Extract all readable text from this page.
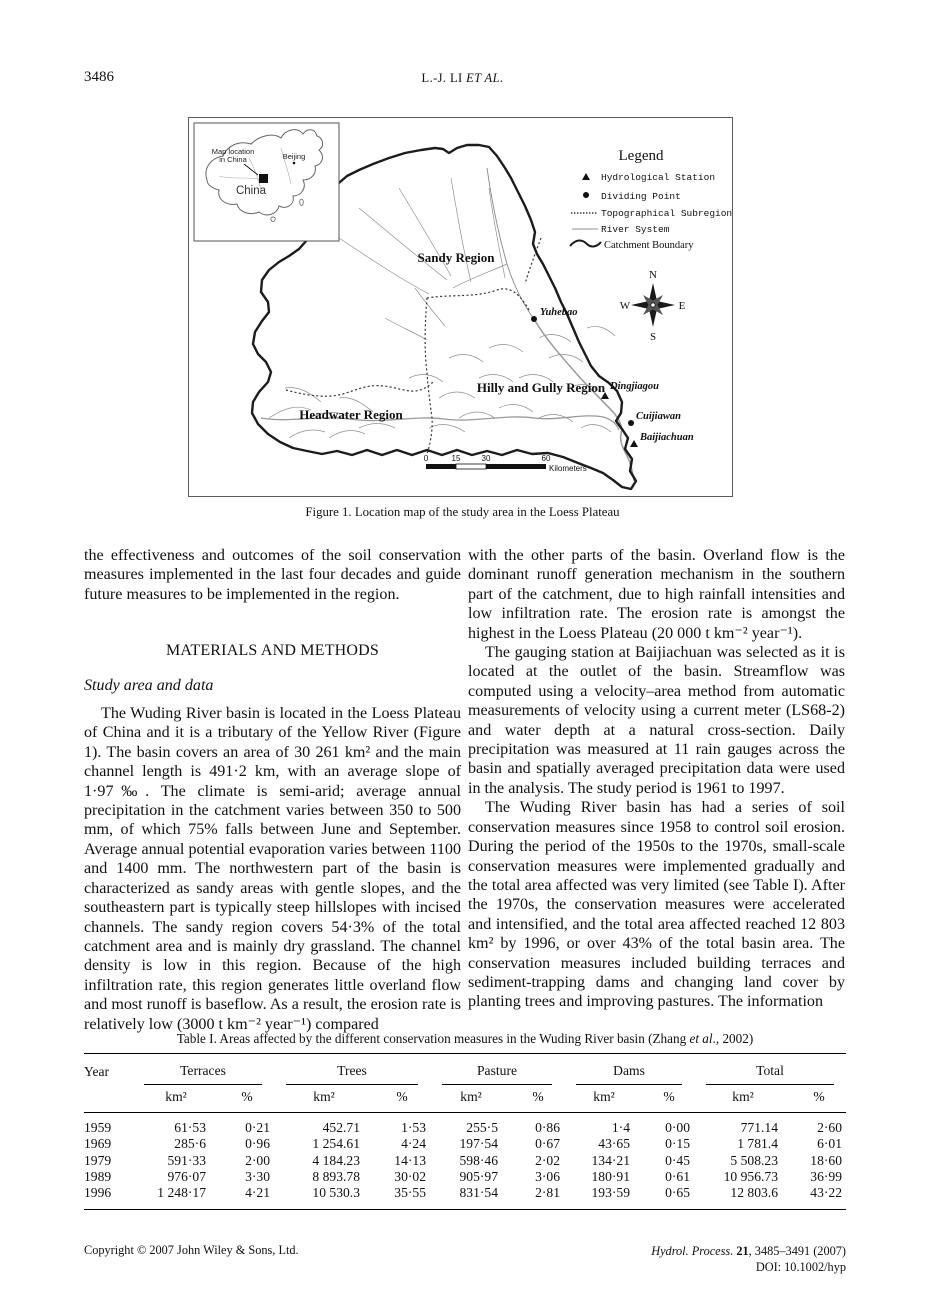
3486	L.-J. LI ET AL.
Sandy Region
Hilly and Gully Region
Headwater Region
Yuhebao
Dingjiagou
Cuijiawan
Baijiachuan
Legend
Hydrological Station
Dividing Point
Topographical Subregion
River System
Catchment Boundary
N
S
W	E
0	15	30	60
Kilometers
Map location
in China	Beijing
China
Figure 1. Location map of the study area in the Loess Plateau

the effectiveness and outcomes of the soil conservation measures implemented in the last four decades and guide future measures to be implemented in the region.

MATERIALS AND METHODS
Study area and data

The Wuding River basin is located in the Loess Plateau of China and it is a tributary of the Yellow River (Figure 1). The basin covers an area of 30 261 km² and the main channel length is 491·2 km, with an average slope of 1·97‰. The climate is semi-arid; average annual precipitation in the catchment varies between 350 to 500 mm, of which 75% falls between June and September. Average annual potential evaporation varies between 1100 and 1400 mm. The northwestern part of the basin is characterized as sandy areas with gentle slopes, and the southeastern part is typically steep hillslopes with incised channels. The sandy region covers 54·3% of the total catchment area and is mainly dry grassland. The channel density is low in this region. Because of the high infiltration rate, this region generates little overland flow and most runoff is baseflow. As a result, the erosion rate is relatively low (3000 t km⁻² year⁻¹) compared

with the other parts of the basin. Overland flow is the dominant runoff generation mechanism in the southern part of the catchment, due to high rainfall intensities and low infiltration rate. The erosion rate is amongst the highest in the Loess Plateau (20 000 t km⁻² year⁻¹).

The gauging station at Baijiachuan was selected as it is located at the outlet of the basin. Streamflow was computed using a velocity–area method from automatic measurements of velocity using a current meter (LS68-2) and water depth at a natural cross-section. Daily precipitation was measured at 11 rain gauges across the basin and spatially averaged precipitation data were used in the analysis. The study period is 1961 to 1997.

The Wuding River basin has had a series of soil conservation measures since 1958 to control soil erosion. During the period of the 1950s to the 1970s, small-scale conservation measures were implemented gradually and the total area affected was very limited (see Table I). After the 1970s, the conservation measures were accelerated and intensified, and the total area affected reached 12 803 km² by 1996, or over 43% of the total basin area. The conservation measures included building terraces and sediment-trapping dams and changing land cover by planting trees and improving pastures. The information

Table I. Areas affected by the different conservation measures in the Wuding River basin (Zhang et al., 2002)
Year	Terraces		Trees		Pasture		Dams		Total	

	km²	%	km²	%	km²	%	km²	%	km²	%
1959	61·53	0·21	452.71	1·53	255·5	0·86	1·4	0·00	771.14	2·60
1969	285·6	0·96	1 254.61	4·24	197·54	0·67	43·65	0·15	1 781.4	6·01
1979	591·33	2·00	4 184.23	14·13	598·46	2·02	134·21	0·45	5 508.23	18·60
1989	976·07	3·30	8 893.78	30·02	905·97	3·06	180·91	0·61	10 956.73	36·99
1996	1 248·17	4·21	10 530.3	35·55	831·54	2·81	193·59	0·65	12 803.6	43·22
Copyright © 2007 John Wiley & Sons, Ltd.	Hydrol. Process. 21, 3485–3491 (2007)
DOI: 10.1002/hyp
